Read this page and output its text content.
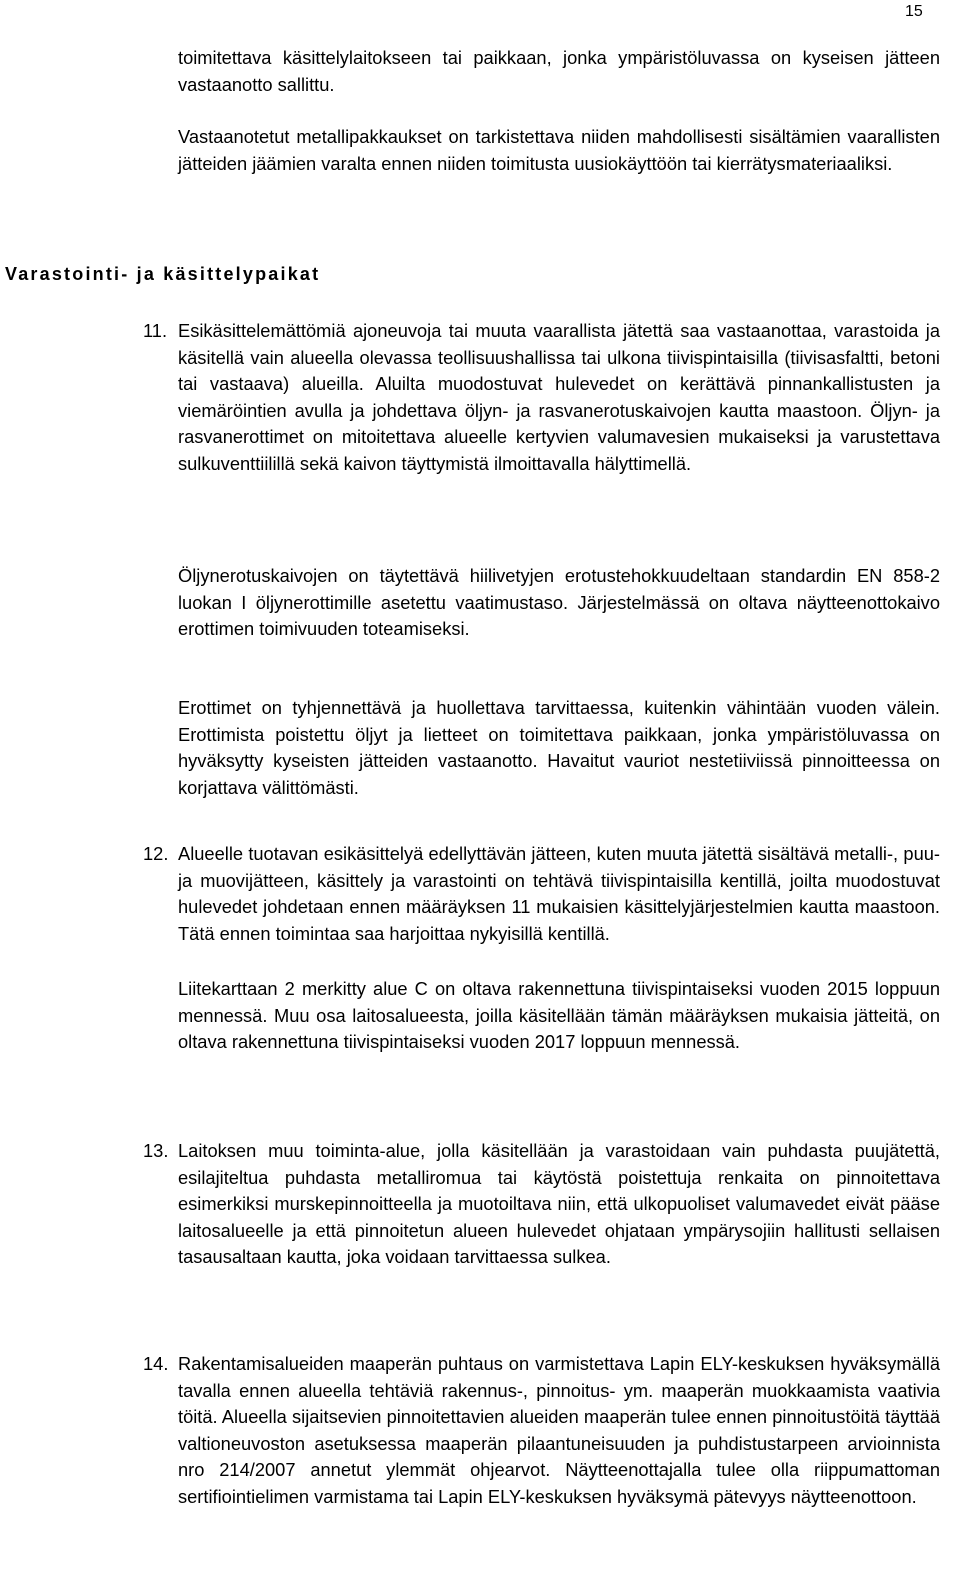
15

toimitettava käsittelylaitokseen tai paikkaan, jonka ympäristöluvassa on kyseisen jätteen vastaanotto sallittu.

Vastaanotetut metallipakkaukset on tarkistettava niiden mahdollisesti sisältämien vaarallisten jätteiden jäämien varalta ennen niiden toimitusta uusiokäyttöön tai kierrätysmateriaaliksi.

Varastointi- ja käsittelypaikat
11. Esikäsittelemättömiä ajoneuvoja tai muuta vaarallista jätettä saa vastaanottaa, varastoida ja käsitellä vain alueella olevassa teollisuushallissa tai ulkona tiivispintaisilla (tiivisasfaltti, betoni tai vastaava) alueilla. Aluilta muodostuvat hulevedet on kerättävä pinnankallistusten ja viemäröintien avulla ja johdettava öljyn- ja rasvanerotuskaivojen kautta maastoon. Öljyn- ja rasvanerottimet on mitoitettava alueelle kertyvien valumavesien mukaiseksi ja varustettava sulkuventtiilillä sekä kaivon täyttymistä ilmoittavalla hälyttimellä.

Öljynerotuskaivojen on täytettävä hiilivetyjen erotustehokkuudeltaan standardin EN 858-2 luokan I öljynerottimille asetettu vaatimustaso. Järjestelmässä on oltava näytteenottokaivo erottimen toimivuuden toteamiseksi.

Erottimet on tyhjennettävä ja huollettava tarvittaessa, kuitenkin vähintään vuoden välein. Erottimista poistettu öljyt ja lietteet on toimitettava paikkaan, jonka ympäristöluvassa on hyväksytty kyseisten jätteiden vastaanotto. Havaitut vauriot nestetiiviissä pinnoitteessa on korjattava välittömästi.

12. Alueelle tuotavan esikäsittelyä edellyttävän jätteen, kuten muuta jätettä sisältävä metalli-, puu- ja muovijätteen, käsittely ja varastointi on tehtävä tiivispintaisilla kentillä, joilta muodostuvat hulevedet johdetaan ennen määräyksen 11 mukaisien käsittelyjärjestelmien kautta maastoon. Tätä ennen toimintaa saa harjoittaa nykyisillä kentillä.

Liitekarttaan 2 merkitty alue C on oltava rakennettuna tiivispintaiseksi vuoden 2015 loppuun mennessä. Muu osa laitosalueesta, joilla käsitellään tämän määräyksen mukaisia jätteitä, on oltava rakennettuna tiivispintaiseksi vuoden 2017 loppuun mennessä.

13. Laitoksen muu toiminta-alue, jolla käsitellään ja varastoidaan vain puhdasta puujätettä, esilajiteltua puhdasta metalliromua tai käytöstä poistettuja renkaita on pinnoitettava esimerkiksi murskepinnoitteella ja muotoiltava niin, että ulkopuoliset valumavedet eivät pääse laitosalueelle ja että pinnoitetun alueen hulevedet ohjataan ympärysojiin hallitusti sellaisen tasausaltaan kautta, joka voidaan tarvittaessa sulkea.

14. Rakentamisalueiden maaperän puhtaus on varmistettava Lapin ELY-keskuksen hyväksymällä tavalla ennen alueella tehtäviä rakennus-, pinnoitus- ym. maaperän muokkaamista vaativia töitä. Alueella sijaitsevien pinnoitettavien alueiden maaperän tulee ennen pinnoitustöitä täyttää valtioneuvoston asetuksessa maaperän pilaantuneisuuden ja puhdistustarpeen arvioinnista nro 214/2007 annetut ylemmät ohjearvot. Näytteenottajalla tulee olla riippumattoman sertifiointielimen varmistama tai Lapin ELY-keskuksen hyväksymä pätevyys näytteenottoon.
